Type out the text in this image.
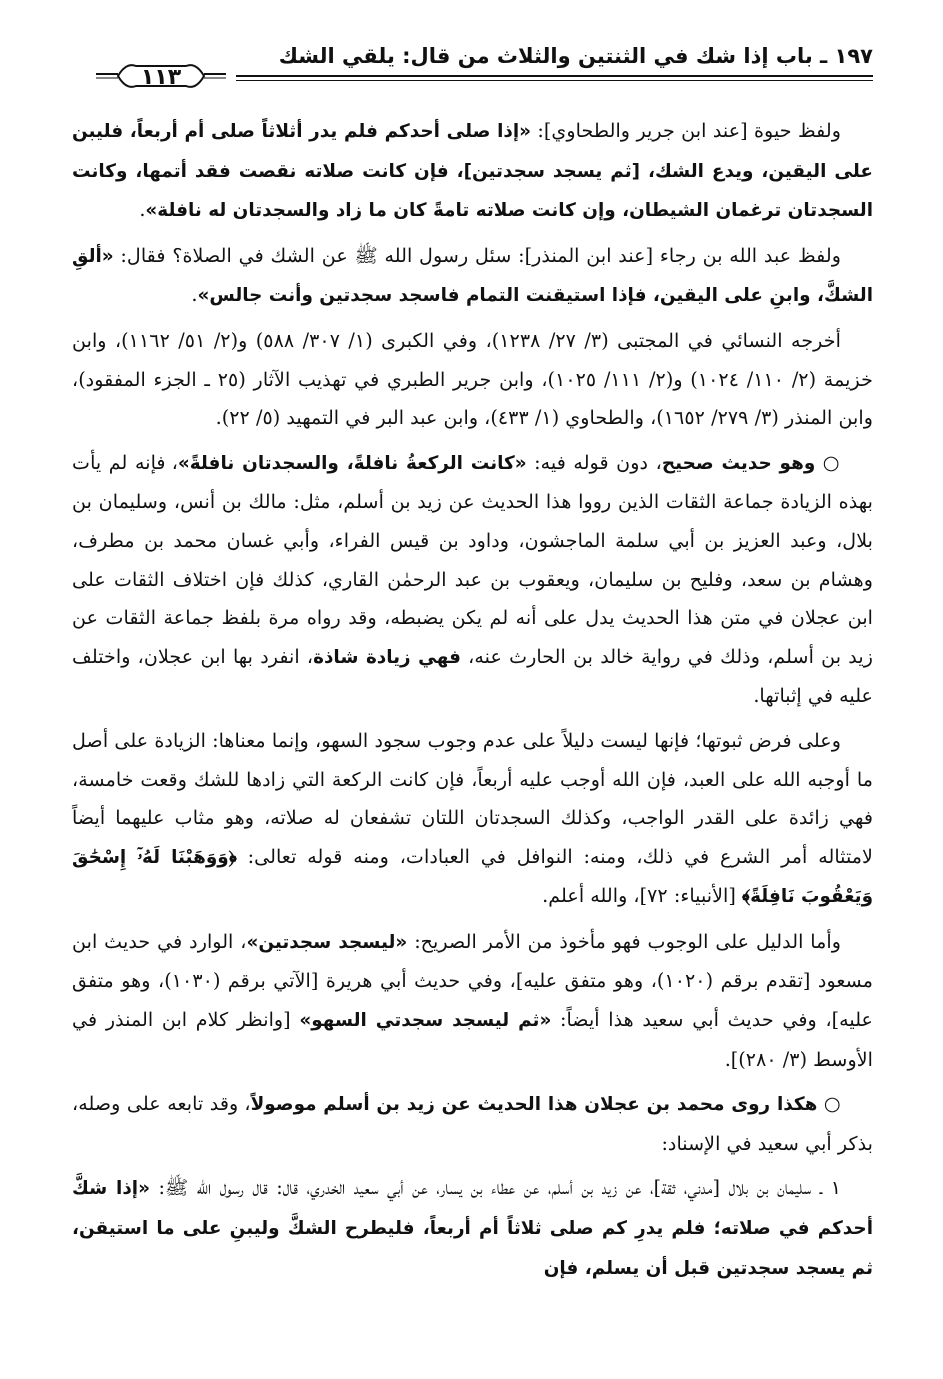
١٩٧ ـ باب إذا شك في الثنتين والثلاث من قال: يلقي الشك
١١٣

ولفظ حيوة [عند ابن جرير والطحاوي]: «إذا صلى أحدكم فلم يدر أثلاثاً صلى أم أربعاً، فليبن على اليقين، ويدع الشك، [ثم يسجد سجدتين]، فإن كانت صلاته نقصت فقد أتمها، وكانت السجدتان ترغمان الشيطان، وإن كانت صلاته تامةً كان ما زاد والسجدتان له نافلة».

ولفظ عبد الله بن رجاء [عند ابن المنذر]: سئل رسول الله ﷺ عن الشك في الصلاة؟ فقال: «ألقِ الشكَّ، وابنِ على اليقين، فإذا استيقنت التمام فاسجد سجدتين وأنت جالس».

أخرجه النسائي في المجتبى (٣/ ٢٧/ ١٢٣٨)، وفي الكبرى (١/ ٣٠٧/ ٥٨٨) و(٢/ ٥١/ ١١٦٢)، وابن خزيمة (٢/ ١١٠/ ١٠٢٤) و(٢/ ١١١/ ١٠٢٥)، وابن جرير الطبري في تهذيب الآثار (٢٥ ـ الجزء المفقود)، وابن المنذر (٣/ ٢٧٩/ ١٦٥٢)، والطحاوي (١/ ٤٣٣)، وابن عبد البر في التمهيد (٥/ ٢٢).

○ وهو حديث صحيح، دون قوله فيه: «كانت الركعةُ نافلةً، والسجدتان نافلةً»، فإنه لم يأت بهذه الزيادة جماعة الثقات الذين رووا هذا الحديث عن زيد بن أسلم، مثل: مالك بن أنس، وسليمان بن بلال، وعبد العزيز بن أبي سلمة الماجشون، وداود بن قيس الفراء، وأبي غسان محمد بن مطرف، وهشام بن سعد، وفليح بن سليمان، ويعقوب بن عبد الرحمٰن القاري، كذلك فإن اختلاف الثقات على ابن عجلان في متن هذا الحديث يدل على أنه لم يكن يضبطه، وقد رواه مرة بلفظ جماعة الثقات عن زيد بن أسلم، وذلك في رواية خالد بن الحارث عنه، فهي زيادة شاذة، انفرد بها ابن عجلان، واختلف عليه في إثباتها.

وعلى فرض ثبوتها؛ فإنها ليست دليلاً على عدم وجوب سجود السهو، وإنما معناها: الزيادة على أصل ما أوجبه الله على العبد، فإن الله أوجب عليه أربعاً، فإن كانت الركعة التي زادها للشك وقعت خامسة، فهي زائدة على القدر الواجب، وكذلك السجدتان اللتان تشفعان له صلاته، وهو مثاب عليهما أيضاً لامتثاله أمر الشرع في ذلك، ومنه: النوافل في العبادات، ومنه قوله تعالى: ﴿وَوَهَبْنَا لَهُۥٓ إِسْحَٰقَ وَيَعْقُوبَ نَافِلَةً﴾ [الأنبياء: ٧٢]، والله أعلم.

وأما الدليل على الوجوب فهو مأخوذ من الأمر الصريح: «ليسجد سجدتين»، الوارد في حديث ابن مسعود [تقدم برقم (١٠٢٠)، وهو متفق عليه]، وفي حديث أبي هريرة [الآتي برقم (١٠٣٠)، وهو متفق عليه]، وفي حديث أبي سعيد هذا أيضاً: «ثم ليسجد سجدتي السهو» [وانظر كلام ابن المنذر في الأوسط (٣/ ٢٨٠)].

○ هكذا روى محمد بن عجلان هذا الحديث عن زيد بن أسلم موصولاً، وقد تابعه على وصله، بذكر أبي سعيد في الإسناد:

١ ـ سليمان بن بلال [مدني، ثقة]، عن زيد بن أسلم، عن عطاء بن يسار، عن أبي سعيد الخدري، قال: قال رسول الله ﷺ: «إذا شكَّ أحدكم في صلاته؛ فلم يدرِ كم صلى ثلاثاً أم أربعاً، فليطرح الشكَّ وليبنِ على ما استيقن، ثم يسجد سجدتين قبل أن يسلم، فإن
